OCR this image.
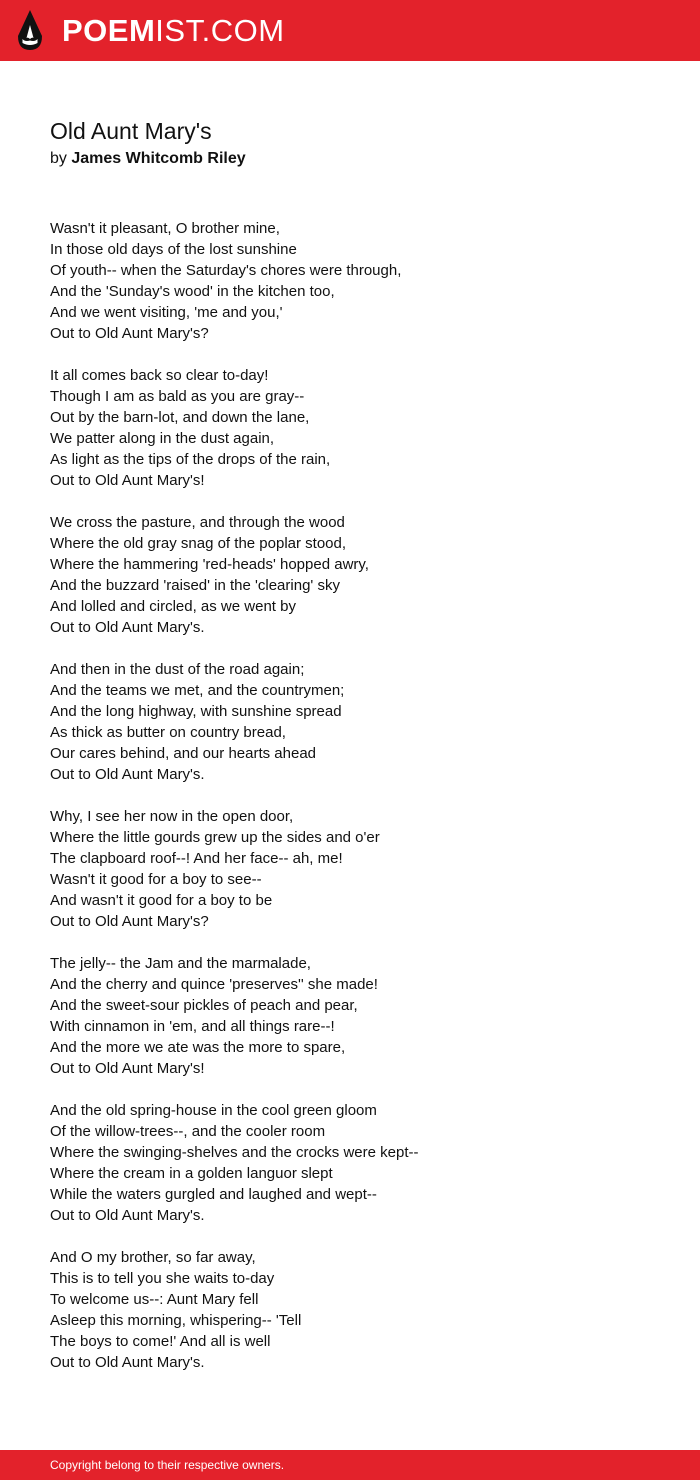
POEMIST.COM
Old Aunt Mary's
by James Whitcomb Riley
Wasn't it pleasant, O brother mine,
In those old days of the lost sunshine
Of youth-- when the Saturday's chores were through,
And the 'Sunday's wood' in the kitchen too,
And we went visiting, 'me and you,'
Out to Old Aunt Mary's?
It all comes back so clear to-day!
Though I am as bald as you are gray--
Out by the barn-lot, and down the lane,
We patter along in the dust again,
As light as the tips of the drops of the rain,
Out to Old Aunt Mary's!
We cross the pasture, and through the wood
Where the old gray snag of the poplar stood,
Where the hammering 'red-heads' hopped awry,
And the buzzard 'raised' in the 'clearing' sky
And lolled and circled, as we went by
Out to Old Aunt Mary's.
And then in the dust of the road again;
And the teams we met, and the countrymen;
And the long highway, with sunshine spread
As thick as butter on country bread,
Our cares behind, and our hearts ahead
Out to Old Aunt Mary's.
Why, I see her now in the open door,
Where the little gourds grew up the sides and o'er
The clapboard roof--! And her face-- ah, me!
Wasn't it good for a boy to see--
And wasn't it good for a boy to be
Out to Old Aunt Mary's?
The jelly-- the Jam and the marmalade,
And the cherry and quince 'preserves'' she made!
And the sweet-sour pickles of peach and pear,
With cinnamon in 'em, and all things rare--!
And the more we ate was the more to spare,
Out to Old Aunt Mary's!
And the old spring-house in the cool green gloom
Of the willow-trees--, and the cooler room
Where the swinging-shelves and the crocks were kept--
Where the cream in a golden languor slept
While the waters gurgled and laughed and wept--
Out to Old Aunt Mary's.
And O my brother, so far away,
This is to tell you she waits to-day
To welcome us--: Aunt Mary fell
Asleep this morning, whispering-- 'Tell
The boys to come!' And all is well
Out to Old Aunt Mary's.
Copyright belong to their respective owners.
